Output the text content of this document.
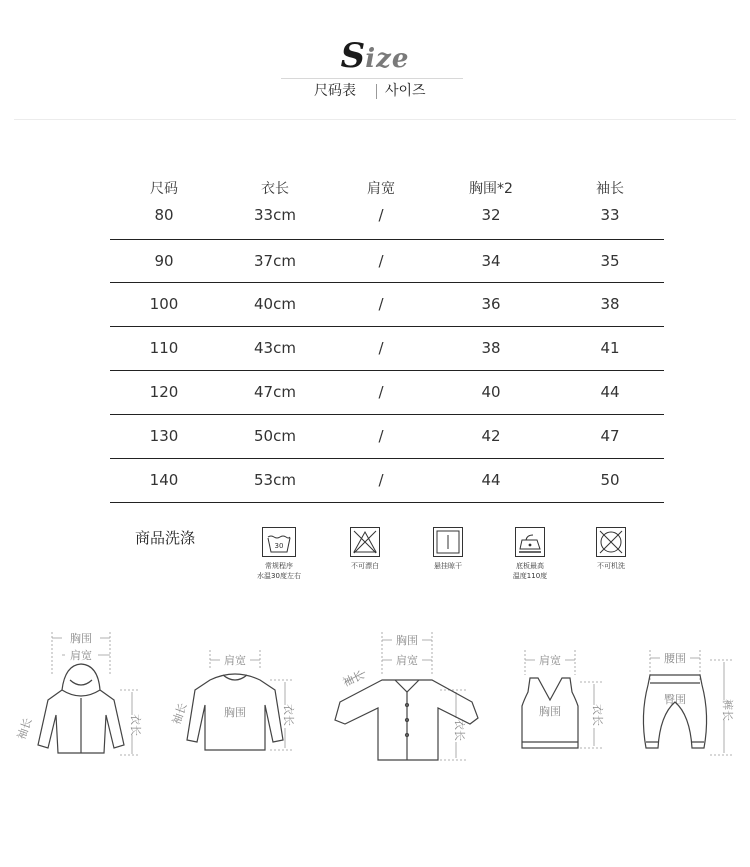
Size
尺码表 사이즈
尺码	衣长	肩宽	胸围*2	袖长
80	33cm	/	32	33
90	37cm	/	34	35
100	40cm	/	36	38
110	43cm	/	38	41
120	47cm	/	40	44
130	50cm	/	42	47
140	53cm	/	44	50
商品洗涤	30
常规程序
水温30度左右
不可漂白	悬挂晾干	底板最高
温度110度
不可机洗
胸围
肩宽
袖长	衣长
肩宽
胸围
袖长	衣长
胸围
肩宽
袖长
衣长
肩宽
胸围	衣长
腰围
臀围	裤长
